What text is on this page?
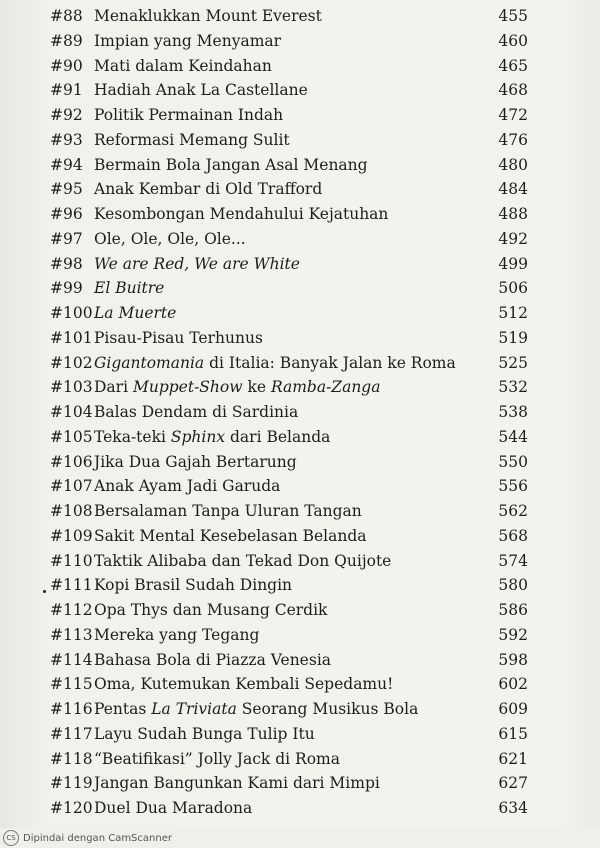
#88 Menaklukkan Mount Everest	455
#89 Impian yang Menyamar	460
#90 Mati dalam Keindahan	465
#91 Hadiah Anak La Castellane	468
#92 Politik Permainan Indah	472
#93 Reformasi Memang Sulit	476
#94 Bermain Bola Jangan Asal Menang	480
#95 Anak Kembar di Old Trafford	484
#96 Kesombongan Mendahului Kejatuhan	488
#97 Ole, Ole, Ole, Ole...	492
#98 We are Red, We are White	499
#99 El Buitre	506
#100La Muerte	512
#101Pisau-Pisau Terhunus	519
#102Gigantomania di Italia: Banyak Jalan ke Roma	525
#103Dari Muppet-Show ke Ramba-Zanga	532
#104Balas Dendam di Sardinia	538
#105Teka-teki Sphinx dari Belanda	544
#106Jika Dua Gajah Bertarung	550
#107Anak Ayam Jadi Garuda	556
#108Bersalaman Tanpa Uluran Tangan	562
#109Sakit Mental Kesebelasan Belanda	568
#110Taktik Alibaba dan Tekad Don Quijote	574
#111Kopi Brasil Sudah Dingin	580
#112Opa Thys dan Musang Cerdik	586
#113Mereka yang Tegang	592
#114Bahasa Bola di Piazza Venesia	598
#115Oma, Kutemukan Kembali Sepedamu!	602
#116Pentas La Triviata Seorang Musikus Bola	609
#117Layu Sudah Bunga Tulip Itu	615
#118“Beatifikasi” Jolly Jack di Roma	621
#119Jangan Bangunkan Kami dari Mimpi	627
#120Duel Dua Maradona	634
CS Dipindai dengan CamScanner
